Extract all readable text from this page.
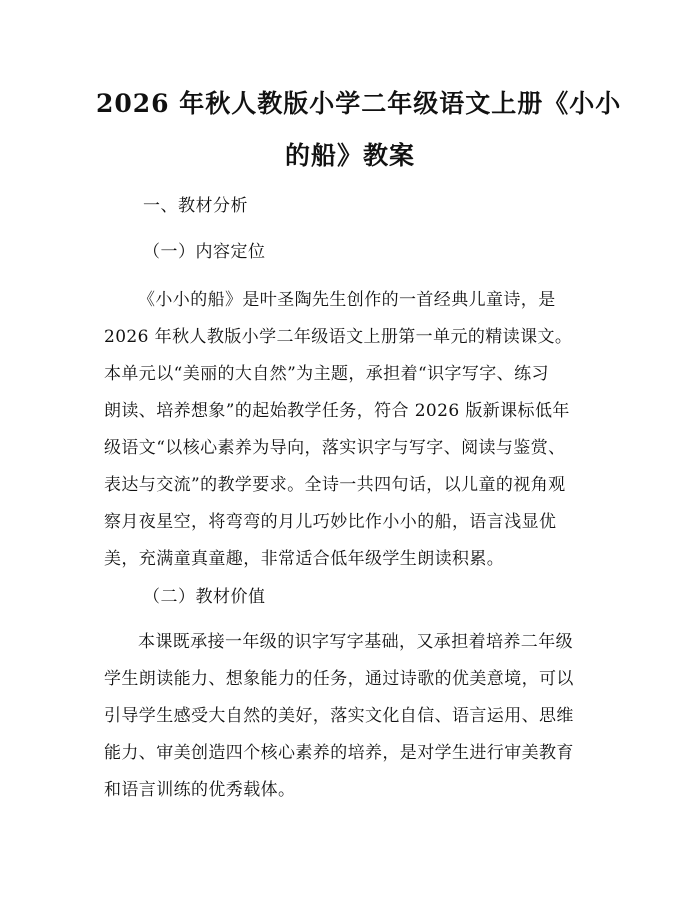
2026 年秋人教版小学二年级语文上册《小小
的船》教案
一、教材分析
（一）内容定位
《小小的船》是叶圣陶先生创作的一首经典儿童诗，是
2026 年秋人教版小学二年级语文上册第一单元的精读课文。
本单元以“美丽的大自然”为主题，承担着“识字写字、练习
朗读、培养想象”的起始教学任务，符合 2026 版新课标低年
级语文“以核心素养为导向，落实识字与写字、阅读与鉴赏、
表达与交流”的教学要求。全诗一共四句话，以儿童的视角观
察月夜星空，将弯弯的月儿巧妙比作小小的船，语言浅显优
美，充满童真童趣，非常适合低年级学生朗读积累。
（二）教材价值
本课既承接一年级的识字写字基础，又承担着培养二年级
学生朗读能力、想象能力的任务，通过诗歌的优美意境，可以
引导学生感受大自然的美好，落实文化自信、语言运用、思维
能力、审美创造四个核心素养的培养，是对学生进行审美教育
和语言训练的优秀载体。
